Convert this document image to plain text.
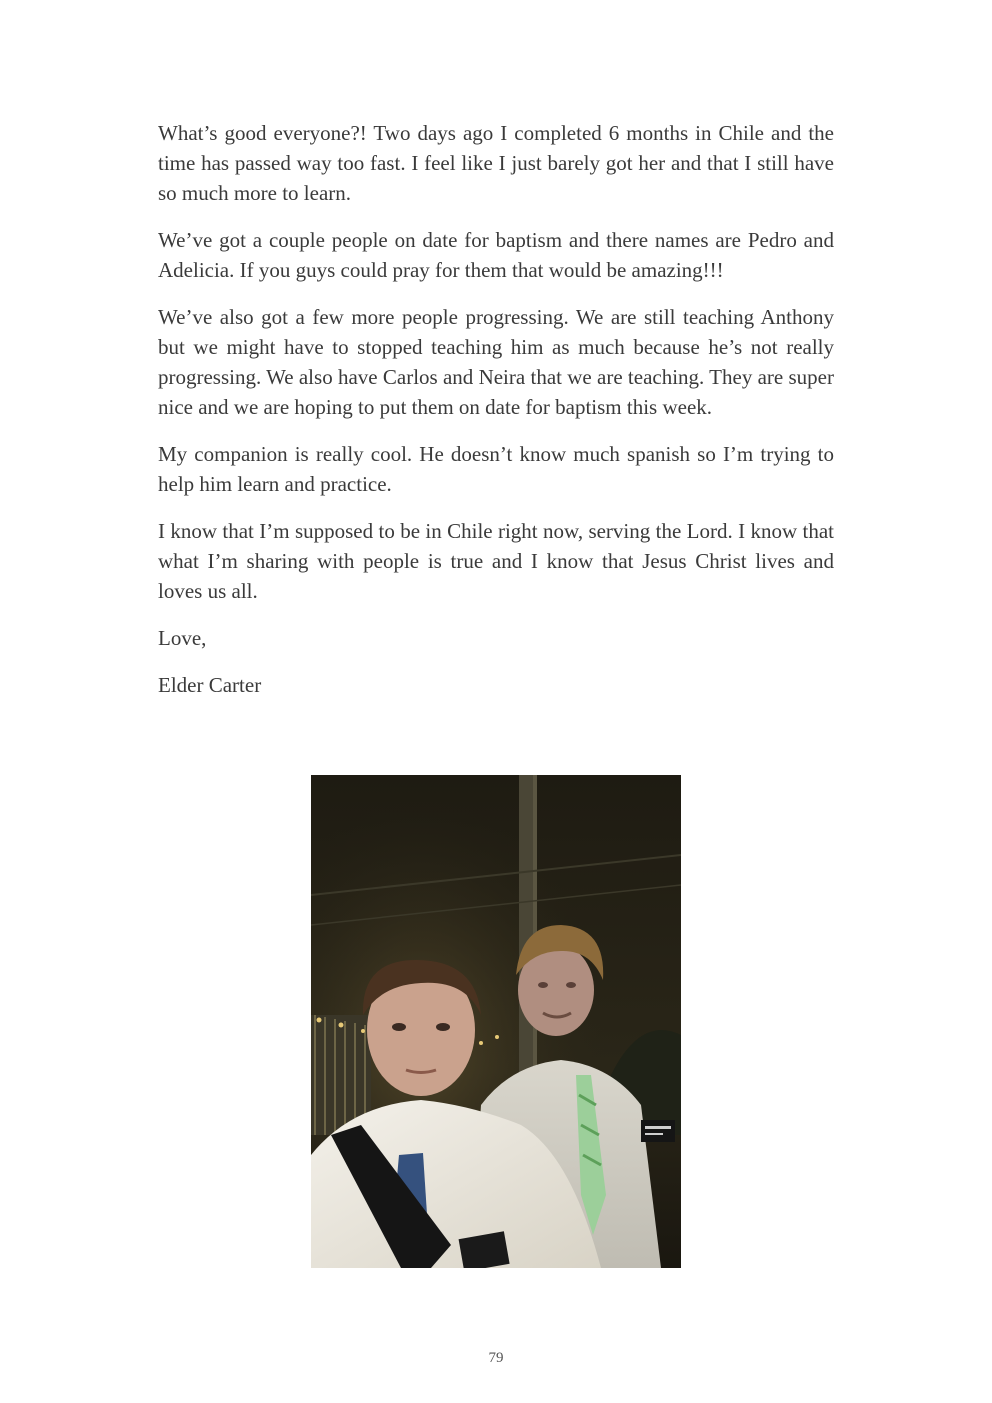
What’s good everyone?! Two days ago I completed 6 months in Chile and the time has passed way too fast. I feel like I just barely got her and that I still have so much more to learn.

We’ve got a couple people on date for baptism and there names are Pedro and Adelicia. If you guys could pray for them that would be amazing!!!

We’ve also got a few more people progressing. We are still teaching Anthony but we might have to stopped teaching him as much because he’s not really progressing. We also have Carlos and Neira that we are teaching. They are super nice and we are hoping to put them on date for baptism this week.

My companion is really cool. He doesn’t know much spanish so I’m trying to help him learn and practice.

I know that I’m supposed to be in Chile right now, serving the Lord. I know that what I’m sharing with people is true and I know that Jesus Christ lives and loves us all.

Love,

Elder Carter

79
